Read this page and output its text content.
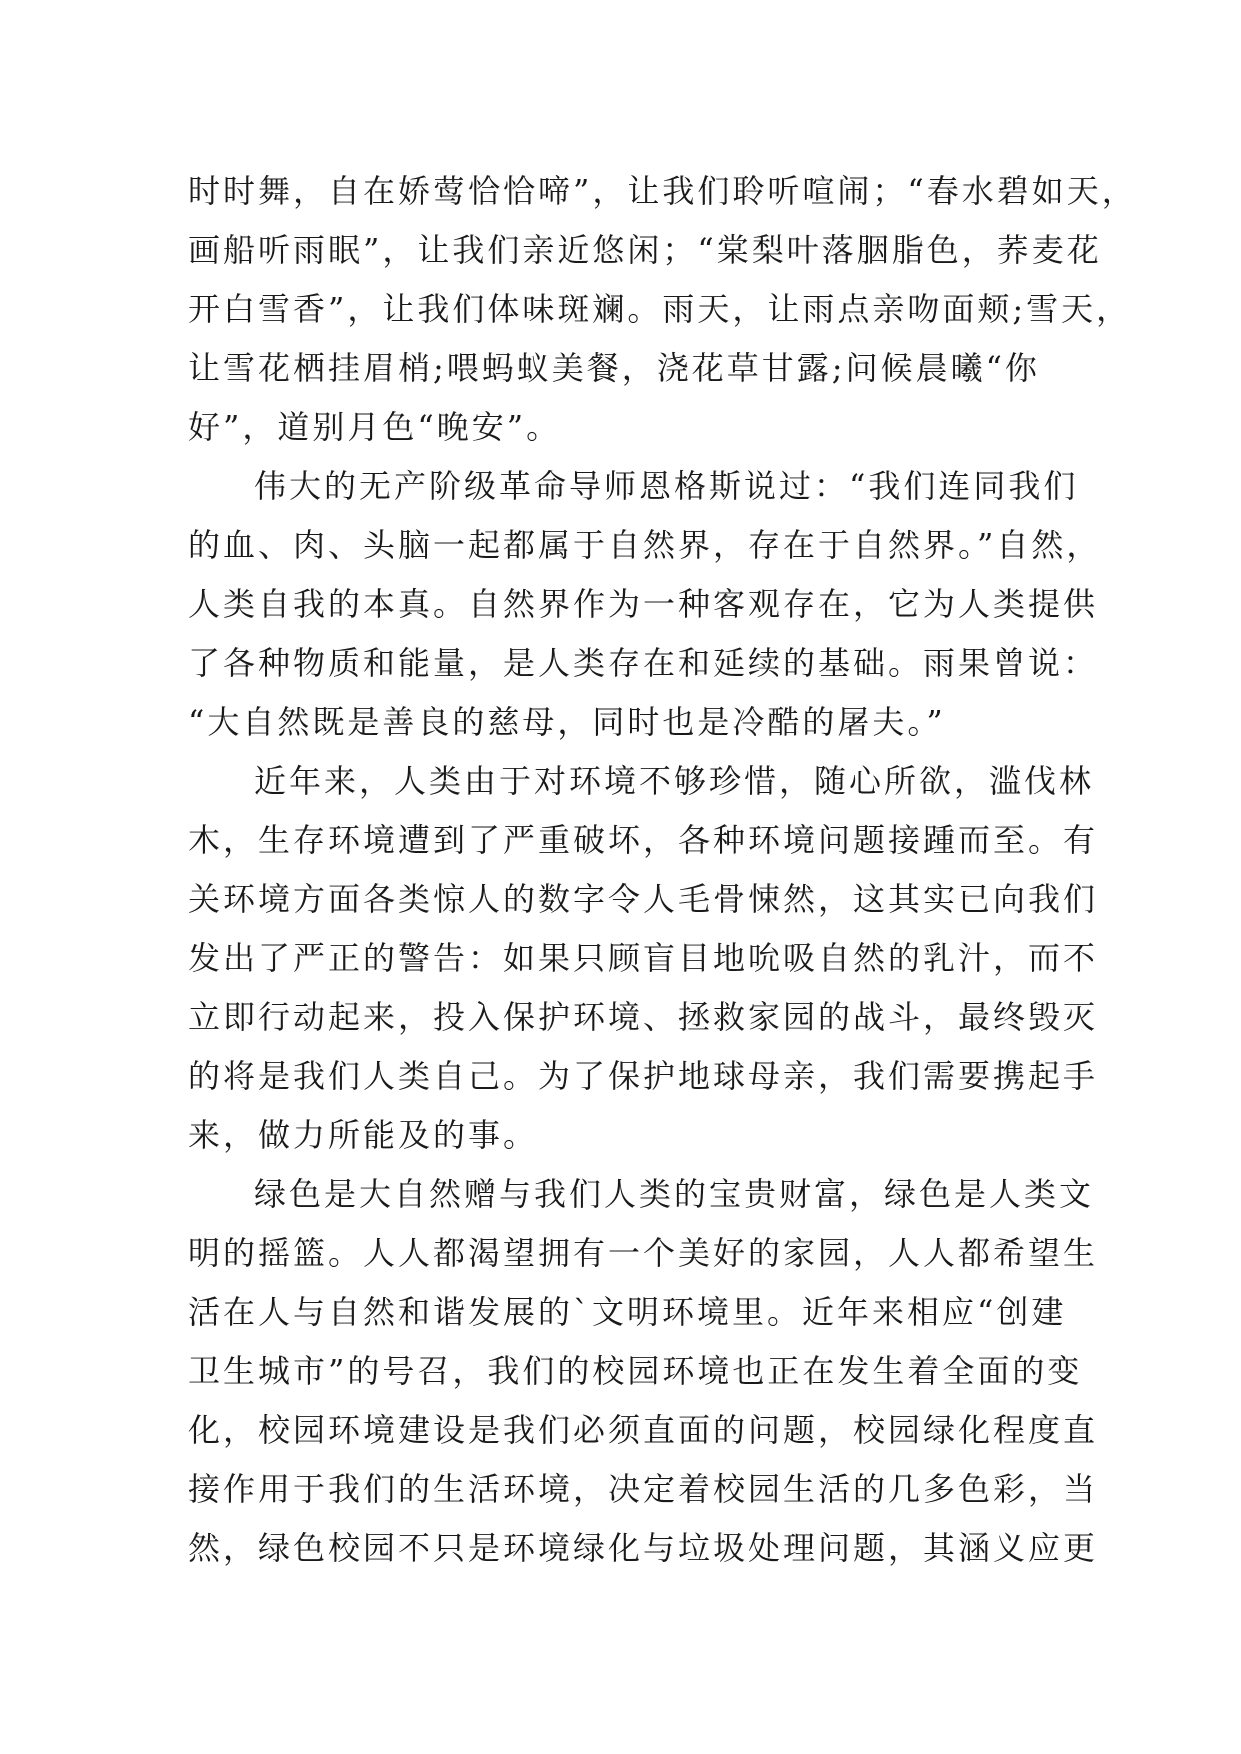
时时舞，自在娇莺恰恰啼”，让我们聆听喧闹；“春水碧如天，
画船听雨眠”，让我们亲近悠闲；“棠梨叶落胭脂色，荞麦花
开白雪香”，让我们体味斑斓。雨天，让雨点亲吻面颊;雪天，
让雪花栖挂眉梢;喂蚂蚁美餐，浇花草甘露;问候晨曦“你
好”，道别月色“晚安”。

伟大的无产阶级革命导师恩格斯说过：“我们连同我们
的血、肉、头脑一起都属于自然界，存在于自然界。”自然，
人类自我的本真。自然界作为一种客观存在，它为人类提供
了各种物质和能量，是人类存在和延续的基础。雨果曾说：
“大自然既是善良的慈母，同时也是冷酷的屠夫。”

近年来，人类由于对环境不够珍惜，随心所欲，滥伐林
木，生存环境遭到了严重破坏，各种环境问题接踵而至。有
关环境方面各类惊人的数字令人毛骨悚然，这其实已向我们
发出了严正的警告：如果只顾盲目地吮吸自然的乳汁，而不
立即行动起来，投入保护环境、拯救家园的战斗，最终毁灭
的将是我们人类自己。为了保护地球母亲，我们需要携起手
来，做力所能及的事。

绿色是大自然赠与我们人类的宝贵财富，绿色是人类文
明的摇篮。人人都渴望拥有一个美好的家园，人人都希望生
活在人与自然和谐发展的`文明环境里。近年来相应“创建
卫生城市”的号召，我们的校园环境也正在发生着全面的变
化，校园环境建设是我们必须直面的问题，校园绿化程度直
接作用于我们的生活环境，决定着校园生活的几多色彩，当
然，绿色校园不只是环境绿化与垃圾处理问题，其涵义应更
